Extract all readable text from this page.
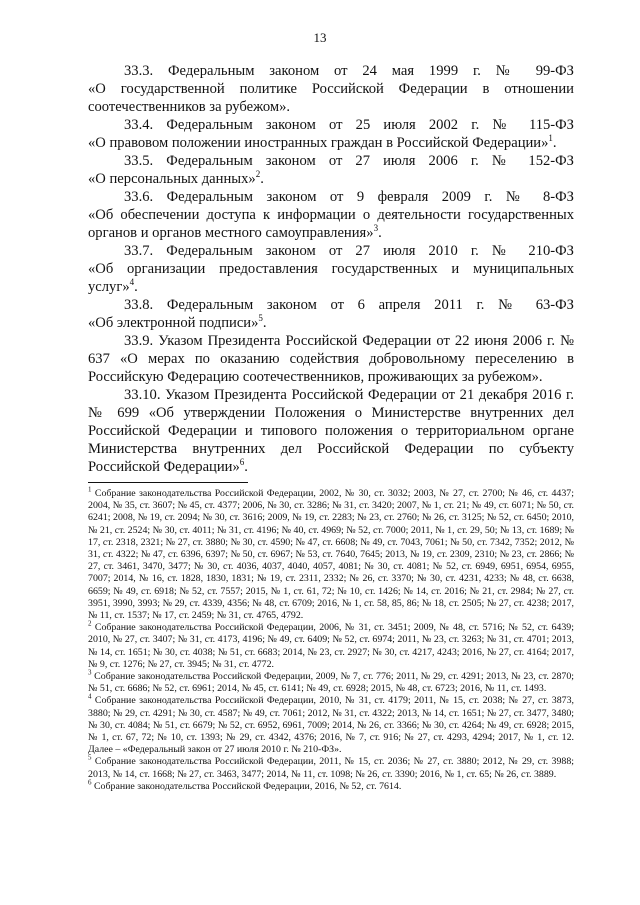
13

33.3. Федеральным законом от 24 мая 1999 г. № 99-ФЗ

«О государственной политике Российской Федерации в отношении соотечественников за рубежом».

33.4. Федеральным законом от 25 июля 2002 г. № 115-ФЗ

«О правовом положении иностранных граждан в Российской Федерации»$^1$.

33.5. Федеральным законом от 27 июля 2006 г. № 152-ФЗ

«О персональных данных»$^2$.

33.6. Федеральным законом от 9 февраля 2009 г. № 8-ФЗ

«Об обеспечении доступа к информации о деятельности государственных органов и органов местного самоуправления»$^3$.

33.7. Федеральным законом от 27 июля 2010 г. № 210-ФЗ

«Об организации предоставления государственных и муниципальных услуг»$^4$.

33.8. Федеральным законом от 6 апреля 2011 г. № 63-ФЗ

«Об электронной подписи»$^5$.

33.9. Указом Президента Российской Федерации от 22 июня 2006 г. № 637 «О мерах по оказанию содействия добровольному переселению в Российскую Федерацию соотечественников, проживающих за рубежом».

33.10. Указом Президента Российской Федерации от 21 декабря 2016 г. № 699 «Об утверждении Положения о Министерстве внутренних дел Российской Федерации и типового положения о территориальном органе Министерства внутренних дел Российской Федерации по субъекту Российской Федерации»$^6$.

$^1$ Собрание законодательства Российской Федерации, 2002, № 30, ст. 3032; 2003, № 27, ст. 2700; № 46, ст. 4437; 2004, № 35, ст. 3607; № 45, ст. 4377; 2006, № 30, ст. 3286; № 31, ст. 3420; 2007, № 1, ст. 21; № 49, ст. 6071; № 50, ст. 6241; 2008, № 19, ст. 2094; № 30, ст. 3616; 2009, № 19, ст. 2283; № 23, ст. 2760; № 26, ст. 3125; № 52, ст. 6450; 2010, № 21, ст. 2524; № 30, ст. 4011; № 31, ст. 4196; № 40, ст. 4969; № 52, ст. 7000; 2011, № 1, ст. 29, 50; № 13, ст. 1689; № 17, ст. 2318, 2321; № 27, ст. 3880; № 30, ст. 4590; № 47, ст. 6608; № 49, ст. 7043, 7061; № 50, ст. 7342, 7352; 2012, № 31, ст. 4322; № 47, ст. 6396, 6397; № 50, ст. 6967; № 53, ст. 7640, 7645; 2013, № 19, ст. 2309, 2310; № 23, ст. 2866; № 27, ст. 3461, 3470, 3477; № 30, ст. 4036, 4037, 4040, 4057, 4081; № 30, ст. 4081; № 52, ст. 6949, 6951, 6954, 6955, 7007; 2014, № 16, ст. 1828, 1830, 1831; № 19, ст. 2311, 2332; № 26, ст. 3370; № 30, ст. 4231, 4233; № 48, ст. 6638, 6659; № 49, ст. 6918; № 52, ст. 7557; 2015, № 1, ст. 61, 72; № 10, ст. 1426; № 14, ст. 2016; № 21, ст. 2984; № 27, ст. 3951, 3990, 3993; № 29, ст. 4339, 4356; № 48, ст. 6709; 2016, № 1, ст. 58, 85, 86; № 18, ст. 2505; № 27, ст. 4238; 2017, № 11, ст. 1537; № 17, ст. 2459; № 31, ст. 4765, 4792.

$^2$ Собрание законодательства Российской Федерации, 2006, № 31, ст. 3451; 2009, № 48, ст. 5716; № 52, ст. 6439; 2010, № 27, ст. 3407; № 31, ст. 4173, 4196; № 49, ст. 6409; № 52, ст. 6974; 2011, № 23, ст. 3263; № 31, ст. 4701; 2013, № 14, ст. 1651; № 30, ст. 4038; № 51, ст. 6683; 2014, № 23, ст. 2927; № 30, ст. 4217, 4243; 2016, № 27, ст. 4164; 2017, № 9, ст. 1276; № 27, ст. 3945; № 31, ст. 4772.

$^3$ Собрание законодательства Российской Федерации, 2009, № 7, ст. 776; 2011, № 29, ст. 4291; 2013, № 23, ст. 2870; № 51, ст. 6686; № 52, ст. 6961; 2014, № 45, ст. 6141; № 49, ст. 6928; 2015, № 48, ст. 6723; 2016, № 11, ст. 1493.

$^4$ Собрание законодательства Российской Федерации, 2010, № 31, ст. 4179; 2011, № 15, ст. 2038; № 27, ст. 3873, 3880; № 29, ст. 4291; № 30, ст. 4587; № 49, ст. 7061; 2012, № 31, ст. 4322; 2013, № 14, ст. 1651; № 27, ст. 3477, 3480; № 30, ст. 4084; № 51, ст. 6679; № 52, ст. 6952, 6961, 7009; 2014, № 26, ст. 3366; № 30, ст. 4264; № 49, ст. 6928; 2015, № 1, ст. 67, 72; № 10, ст. 1393; № 29, ст. 4342, 4376; 2016, № 7, ст. 916; № 27, ст. 4293, 4294; 2017, № 1, ст. 12. Далее – «Федеральный закон от 27 июля 2010 г. № 210-ФЗ».

$^5$ Собрание законодательства Российской Федерации, 2011, № 15, ст. 2036; № 27, ст. 3880; 2012, № 29, ст. 3988; 2013, № 14, ст. 1668; № 27, ст. 3463, 3477; 2014, № 11, ст. 1098; № 26, ст. 3390; 2016, № 1, ст. 65; № 26, ст. 3889.

$^6$ Собрание законодательства Российской Федерации, 2016, № 52, ст. 7614.
